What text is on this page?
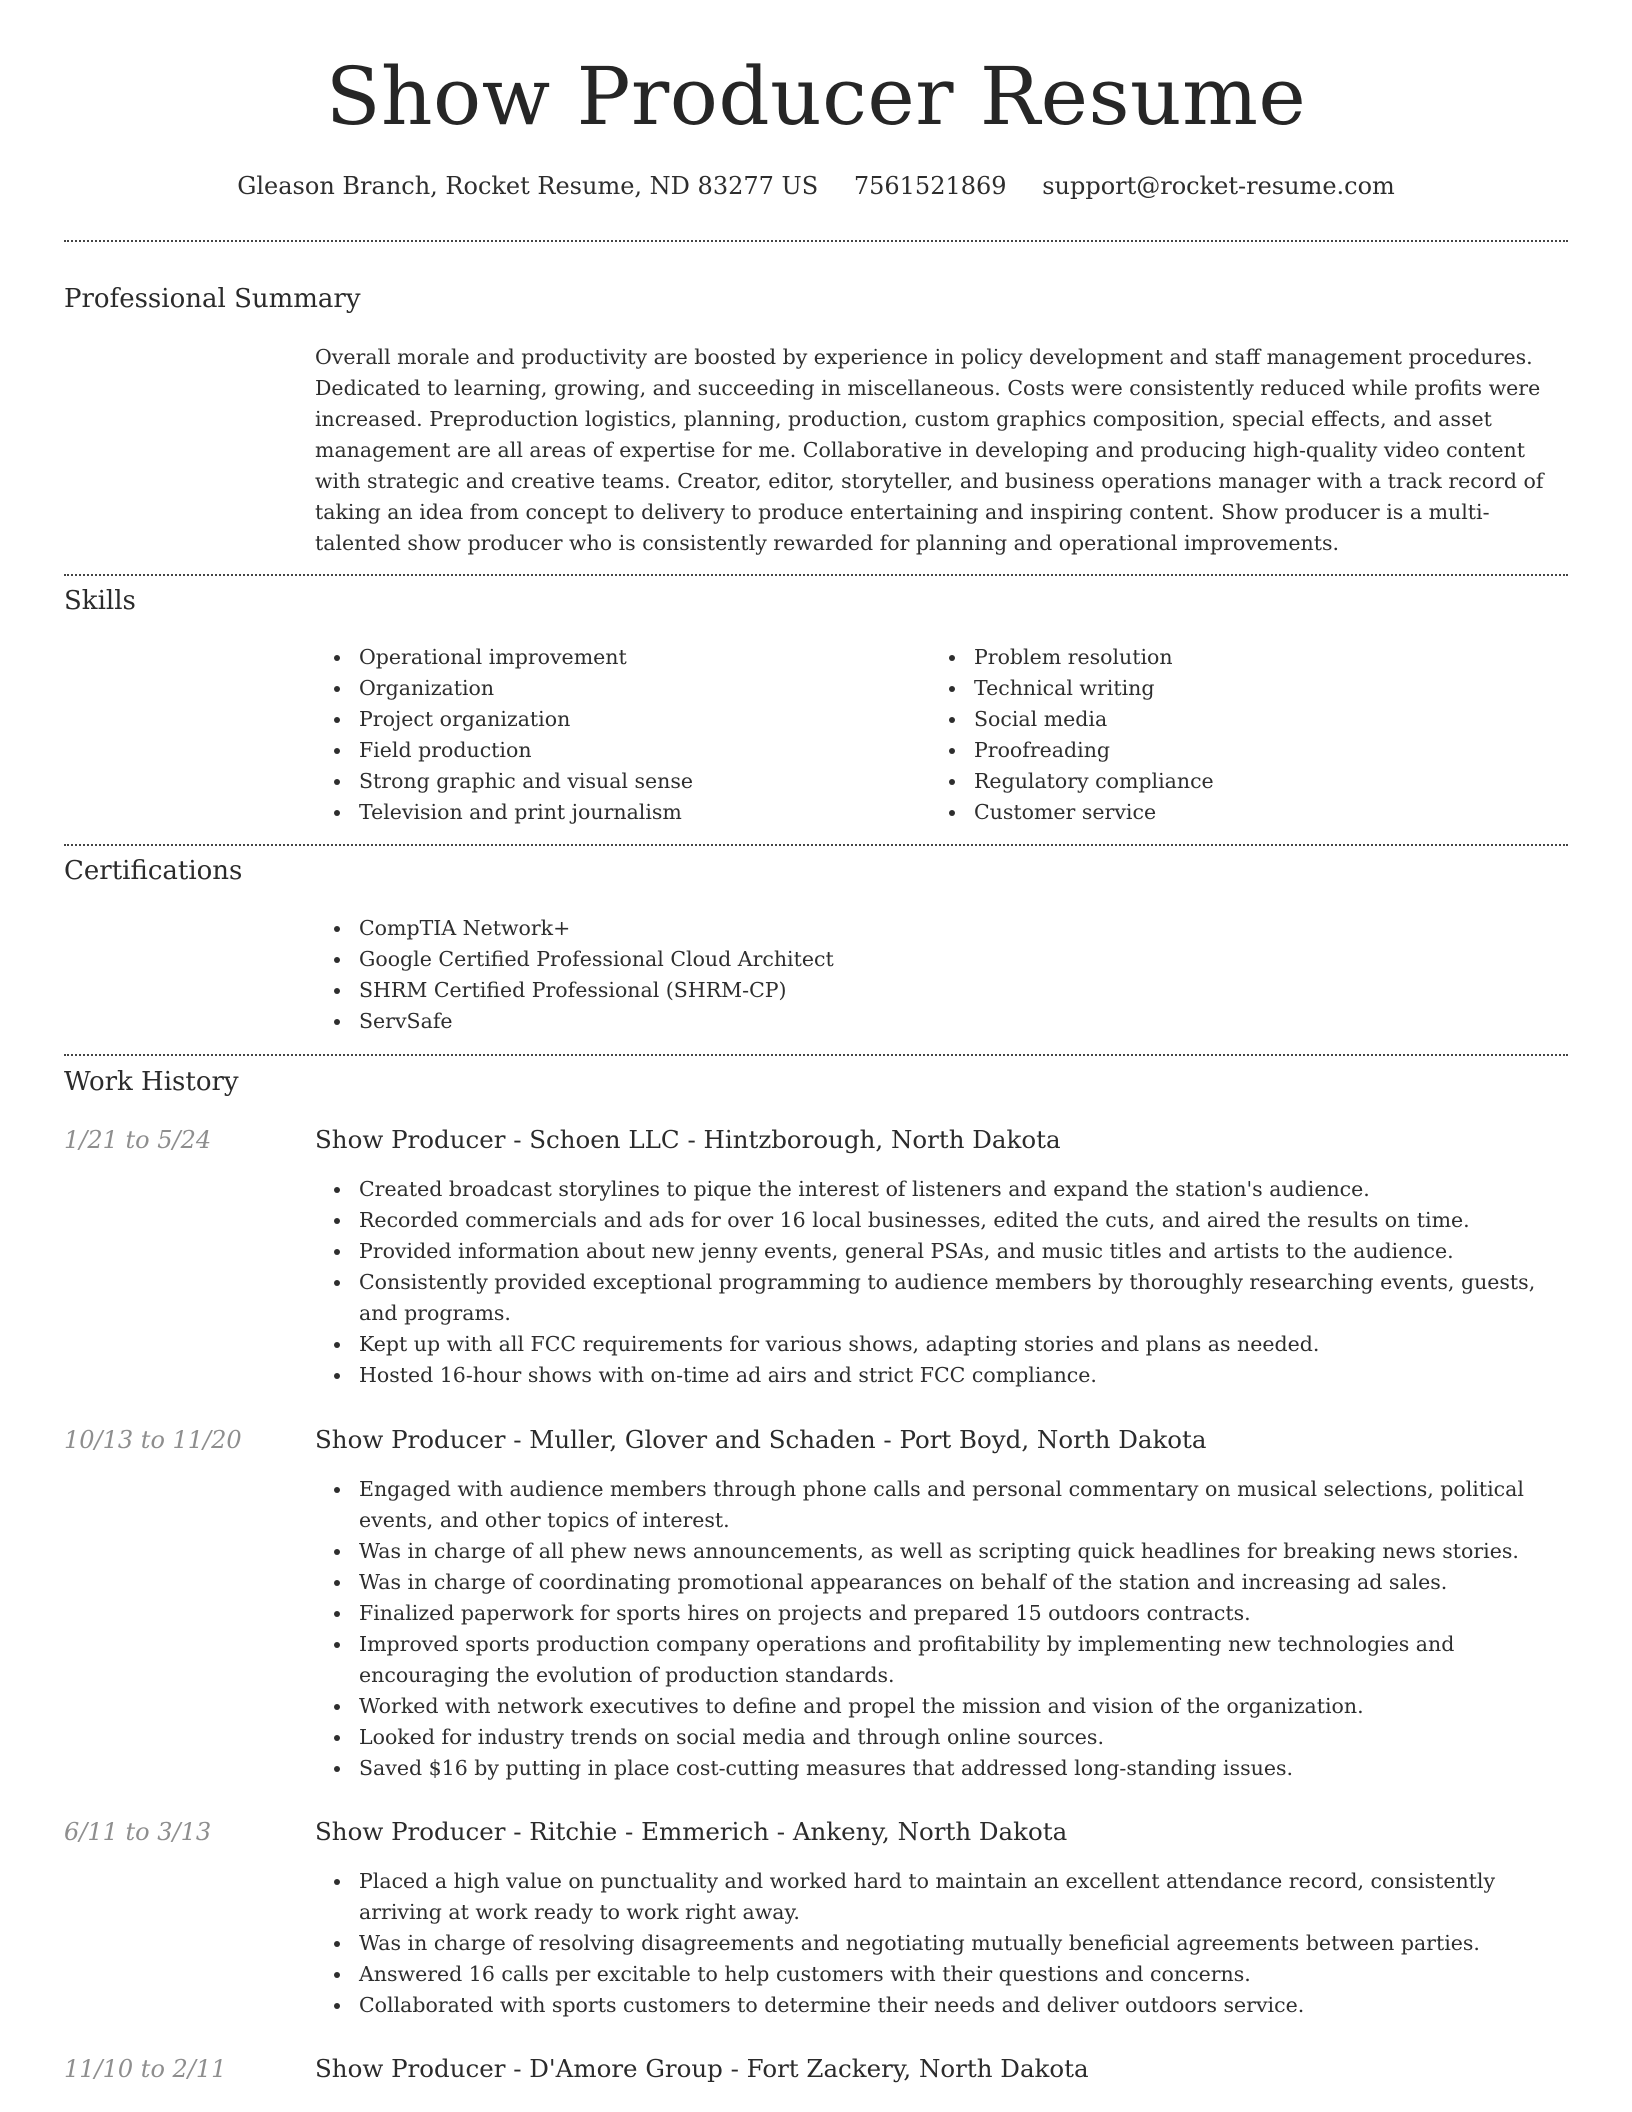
Show Producer Resume
Gleason Branch, Rocket Resume, ND 83277 US 7561521869 support@rocket-resume.com
Professional Summary

Overall morale and productivity are boosted by experience in policy development and staff management procedures. Dedicated to learning, growing, and succeeding in miscellaneous. Costs were consistently reduced while profits were increased. Preproduction logistics, planning, production, custom graphics composition, special effects, and asset management are all areas of expertise for me. Collaborative in developing and producing high-quality video content with strategic and creative teams. Creator, editor, storyteller, and business operations manager with a track record of taking an idea from concept to delivery to produce entertaining and inspiring content. Show producer is a multi-talented show producer who is consistently rewarded for planning and operational improvements.

Skills
Operational improvement
Organization
Project organization
Field production
Strong graphic and visual sense
Television and print journalism
Problem resolution
Technical writing
Social media
Proofreading
Regulatory compliance
Customer service
Certifications
CompTIA Network+
Google Certified Professional Cloud Architect
SHRM Certified Professional (SHRM-CP)
ServSafe
Work History
1/21 to 5/24	Show Producer - Schoen LLC - Hintzborough, North Dakota
Created broadcast storylines to pique the interest of listeners and expand the station's audience.
Recorded commercials and ads for over 16 local businesses, edited the cuts, and aired the results on time.
Provided information about new jenny events, general PSAs, and music titles and artists to the audience.
Consistently provided exceptional programming to audience members by thoroughly researching events, guests, and programs.
Kept up with all FCC requirements for various shows, adapting stories and plans as needed.
Hosted 16-hour shows with on-time ad airs and strict FCC compliance.
10/13 to 11/20	Show Producer - Muller, Glover and Schaden - Port Boyd, North Dakota
Engaged with audience members through phone calls and personal commentary on musical selections, political events, and other topics of interest.
Was in charge of all phew news announcements, as well as scripting quick headlines for breaking news stories.
Was in charge of coordinating promotional appearances on behalf of the station and increasing ad sales.
Finalized paperwork for sports hires on projects and prepared 15 outdoors contracts.
Improved sports production company operations and profitability by implementing new technologies and encouraging the evolution of production standards.
Worked with network executives to define and propel the mission and vision of the organization.
Looked for industry trends on social media and through online sources.
Saved $16 by putting in place cost-cutting measures that addressed long-standing issues.
6/11 to 3/13	Show Producer - Ritchie - Emmerich - Ankeny, North Dakota
Placed a high value on punctuality and worked hard to maintain an excellent attendance record, consistently arriving at work ready to work right away.
Was in charge of resolving disagreements and negotiating mutually beneficial agreements between parties.
Answered 16 calls per excitable to help customers with their questions and concerns.
Collaborated with sports customers to determine their needs and deliver outdoors service.
11/10 to 2/11	Show Producer - D'Amore Group - Fort Zackery, North Dakota
